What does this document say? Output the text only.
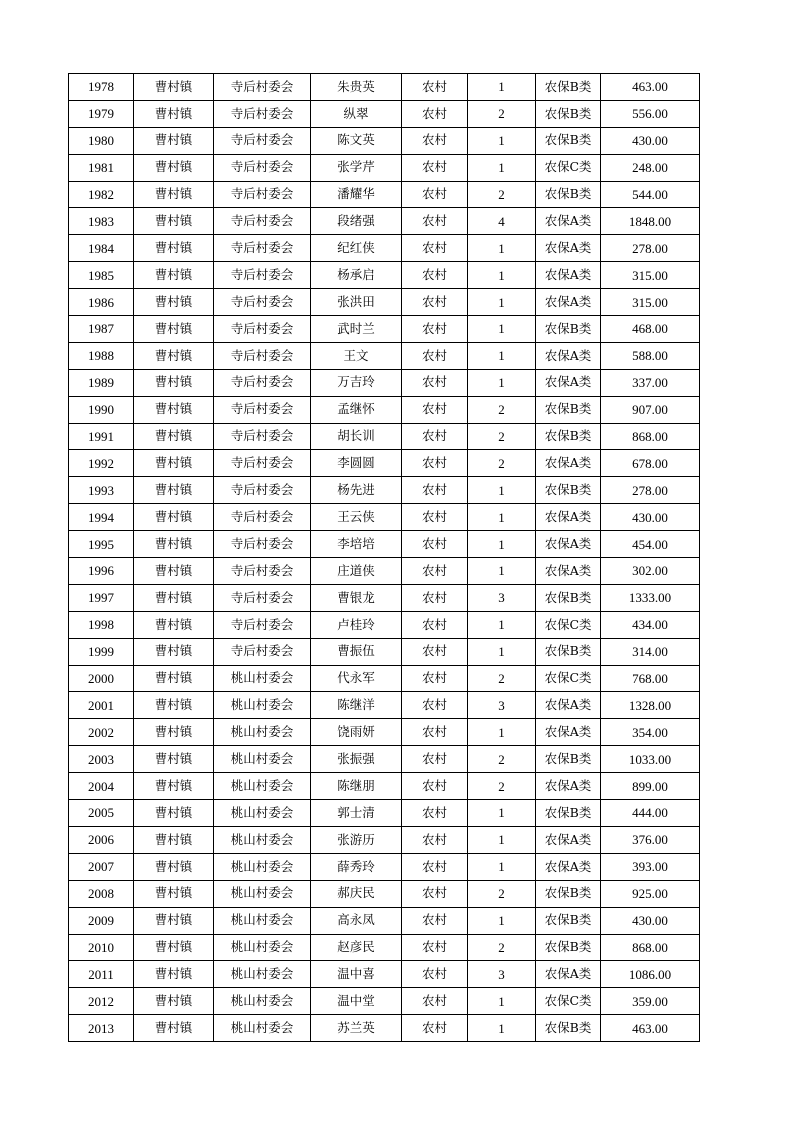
1978	曹村镇	寺后村委会	朱贵英	农村	1	农保B类	463.00
1979	曹村镇	寺后村委会	纵翠	农村	2	农保B类	556.00
1980	曹村镇	寺后村委会	陈文英	农村	1	农保B类	430.00
1981	曹村镇	寺后村委会	张学芹	农村	1	农保C类	248.00
1982	曹村镇	寺后村委会	潘耀华	农村	2	农保B类	544.00
1983	曹村镇	寺后村委会	段绪强	农村	4	农保A类	1848.00
1984	曹村镇	寺后村委会	纪红侠	农村	1	农保A类	278.00
1985	曹村镇	寺后村委会	杨承启	农村	1	农保A类	315.00
1986	曹村镇	寺后村委会	张洪田	农村	1	农保A类	315.00
1987	曹村镇	寺后村委会	武时兰	农村	1	农保B类	468.00
1988	曹村镇	寺后村委会	王文	农村	1	农保A类	588.00
1989	曹村镇	寺后村委会	万吉玲	农村	1	农保A类	337.00
1990	曹村镇	寺后村委会	孟继怀	农村	2	农保B类	907.00
1991	曹村镇	寺后村委会	胡长训	农村	2	农保B类	868.00
1992	曹村镇	寺后村委会	李圆圆	农村	2	农保A类	678.00
1993	曹村镇	寺后村委会	杨先进	农村	1	农保B类	278.00
1994	曹村镇	寺后村委会	王云侠	农村	1	农保A类	430.00
1995	曹村镇	寺后村委会	李培培	农村	1	农保A类	454.00
1996	曹村镇	寺后村委会	庄道侠	农村	1	农保A类	302.00
1997	曹村镇	寺后村委会	曹银龙	农村	3	农保B类	1333.00
1998	曹村镇	寺后村委会	卢桂玲	农村	1	农保C类	434.00
1999	曹村镇	寺后村委会	曹振伍	农村	1	农保B类	314.00
2000	曹村镇	桃山村委会	代永军	农村	2	农保C类	768.00
2001	曹村镇	桃山村委会	陈继洋	农村	3	农保A类	1328.00
2002	曹村镇	桃山村委会	饶雨妍	农村	1	农保A类	354.00
2003	曹村镇	桃山村委会	张振强	农村	2	农保B类	1033.00
2004	曹村镇	桃山村委会	陈继朋	农村	2	农保A类	899.00
2005	曹村镇	桃山村委会	郭士清	农村	1	农保B类	444.00
2006	曹村镇	桃山村委会	张游历	农村	1	农保A类	376.00
2007	曹村镇	桃山村委会	薛秀玲	农村	1	农保A类	393.00
2008	曹村镇	桃山村委会	郝庆民	农村	2	农保B类	925.00
2009	曹村镇	桃山村委会	高永凤	农村	1	农保B类	430.00
2010	曹村镇	桃山村委会	赵彦民	农村	2	农保B类	868.00
2011	曹村镇	桃山村委会	温中喜	农村	3	农保A类	1086.00
2012	曹村镇	桃山村委会	温中堂	农村	1	农保C类	359.00
2013	曹村镇	桃山村委会	苏兰英	农村	1	农保B类	463.00
